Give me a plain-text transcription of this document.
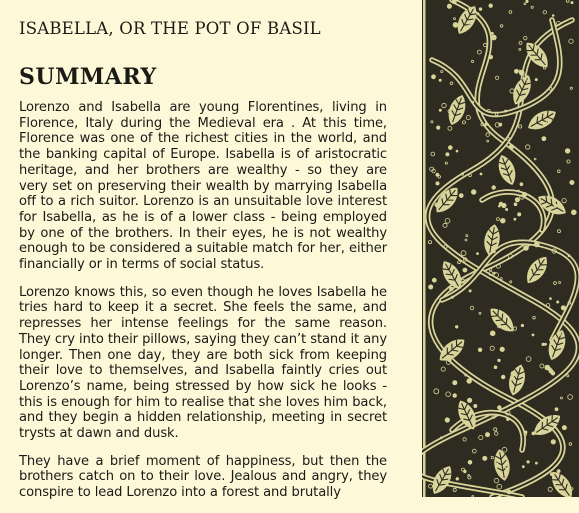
ISABELLA, OR THE POT OF BASIL
SUMMARY

Lorenzo and Isabella are young Florentines, living in Florence, Italy during the Medieval era . At this time, Florence was one of the richest cities in the world, and the banking capital of Europe. Isabella is of aristocratic heritage, and her brothers are wealthy - so they are very set on preserving their wealth by marrying Isabella off to a rich suitor. Lorenzo is an unsuitable love interest for Isabella, as he is of a lower class - being employed by one of the brothers. In their eyes, he is not wealthy enough to be considered a suitable match for her, either financially or in terms of social status.

Lorenzo knows this, so even though he loves Isabella he tries hard to keep it a secret. She feels the same, and represses her intense feelings for the same reason. They cry into their pillows, saying they can’t stand it any longer. Then one day, they are both sick from keeping their love to themselves, and Isabella faintly cries out Lorenzo’s name, being stressed by how sick he looks - this is enough for him to realise that she loves him back, and they begin a hidden relationship, meeting in secret trysts at dawn and dusk.

They have a brief moment of happiness, but then the brothers catch on to their love. Jealous and angry, they conspire to lead Lorenzo into a forest and brutally
